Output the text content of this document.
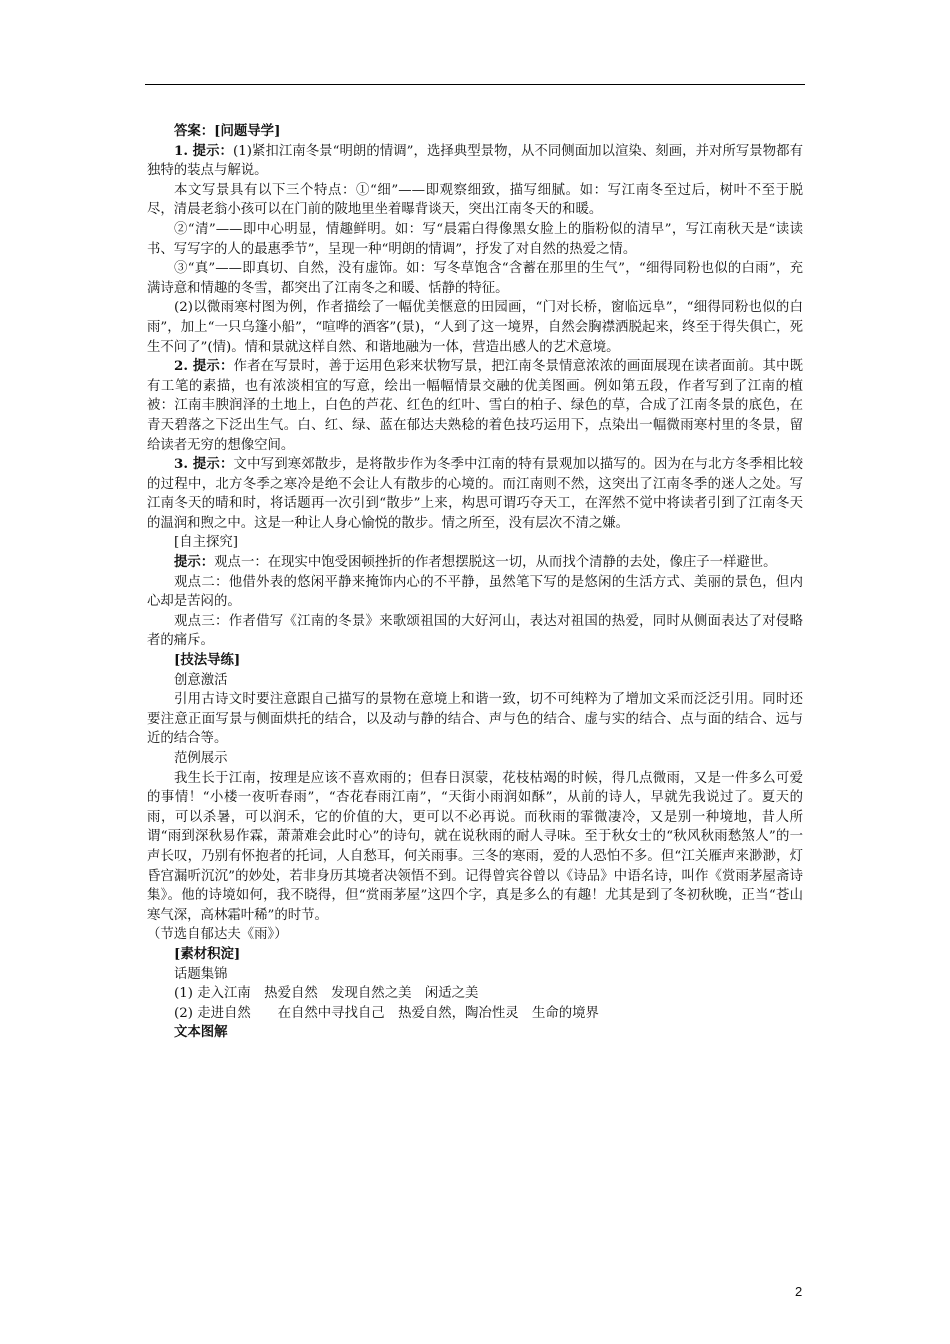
答案：[问题导学]

1. 提示：(1)紧扣江南冬景“明朗的情调”，选择典型景物，从不同侧面加以渲染、刻画，并对所写景物都有独特的装点与解说。

本文写景具有以下三个特点：①“细”——即观察细致，描写细腻。如：写江南冬至过后，树叶不至于脱尽，清晨老翁小孩可以在门前的陂地里坐着曝背谈天，突出江南冬天的和暖。

②“清”——即中心明显，情趣鲜明。如：写“晨霜白得像黑女脸上的脂粉似的清早”，写江南秋天是“读读书、写写字的人的最惠季节”，呈现一种“明朗的情调”，抒发了对自然的热爱之情。

③“真”——即真切、自然，没有虚饰。如：写冬草饱含“含蓄在那里的生气”，“细得同粉也似的白雨”，充满诗意和情趣的冬雪，都突出了江南冬之和暖、恬静的特征。

(2)以微雨寒村图为例，作者描绘了一幅优美惬意的田园画，“门对长桥，窗临远阜”，“细得同粉也似的白雨”，加上“一只乌篷小船”，“喧哗的酒客”(景)，“人到了这一境界，自然会胸襟洒脱起来，终至于得失俱亡，死生不问了”(情)。情和景就这样自然、和谐地融为一体，营造出感人的艺术意境。

2. 提示：作者在写景时，善于运用色彩来状物写景，把江南冬景情意浓浓的画面展现在读者面前。其中既有工笔的素描，也有浓淡相宜的写意，绘出一幅幅情景交融的优美图画。例如第五段，作者写到了江南的植被：江南丰腴润泽的土地上，白色的芦花、红色的红叶、雪白的柏子、绿色的草，合成了江南冬景的底色，在青天碧落之下泛出生气。白、红、绿、蓝在郁达夫熟稔的着色技巧运用下，点染出一幅微雨寒村里的冬景，留给读者无穷的想像空间。

3. 提示：文中写到寒郊散步，是将散步作为冬季中江南的特有景观加以描写的。因为在与北方冬季相比较的过程中，北方冬季之寒冷是绝不会让人有散步的心境的。而江南则不然，这突出了江南冬季的迷人之处。写江南冬天的晴和时，将话题再一次引到“散步”上来，构思可谓巧夺天工，在浑然不觉中将读者引到了江南冬天的温润和煦之中。这是一种让人身心愉悦的散步。情之所至，没有层次不清之嫌。

[自主探究]

提示：观点一：在现实中饱受困顿挫折的作者想摆脱这一切，从而找个清静的去处，像庄子一样避世。

观点二：他借外表的悠闲平静来掩饰内心的不平静，虽然笔下写的是悠闲的生活方式、美丽的景色，但内心却是苦闷的。

观点三：作者借写《江南的冬景》来歌颂祖国的大好河山，表达对祖国的热爱，同时从侧面表达了对侵略者的痛斥。

[技法导练]

创意激活

引用古诗文时要注意跟自己描写的景物在意境上和谐一致，切不可纯粹为了增加文采而泛泛引用。同时还要注意正面写景与侧面烘托的结合，以及动与静的结合、声与色的结合、虚与实的结合、点与面的结合、远与近的结合等。

范例展示

我生长于江南，按理是应该不喜欢雨的；但春日溟蒙，花枝枯竭的时候，得几点微雨，又是一件多么可爱的事情！“小楼一夜听春雨”，“杏花春雨江南”，“天街小雨润如酥”，从前的诗人，早就先我说过了。夏天的雨，可以杀暑，可以润禾，它的价值的大，更可以不必再说。而秋雨的霏微凄冷，又是别一种境地，昔人所谓“雨到深秋易作霖，萧萧难会此时心”的诗句，就在说秋雨的耐人寻味。至于秋女士的“秋风秋雨愁煞人”的一声长叹，乃别有怀抱者的托词，人自愁耳，何关雨事。三冬的寒雨，爱的人恐怕不多。但“江关雁声来渺渺，灯昏宫漏听沉沉”的妙处，若非身历其境者决领悟不到。记得曾宾谷曾以《诗品》中语名诗，叫作《赏雨茅屋斋诗集》。他的诗境如何，我不晓得，但“赏雨茅屋”这四个字，真是多么的有趣！尤其是到了冬初秋晚，正当“苍山寒气深，高林霜叶稀”的时节。

（节选自郁达夫《雨》）

[素材积淀]

话题集锦

(1) 走入江南　热爱自然　发现自然之美　闲适之美

(2) 走进自然　　在自然中寻找自己　热爱自然，陶冶性灵　生命的境界

文本图解

2
